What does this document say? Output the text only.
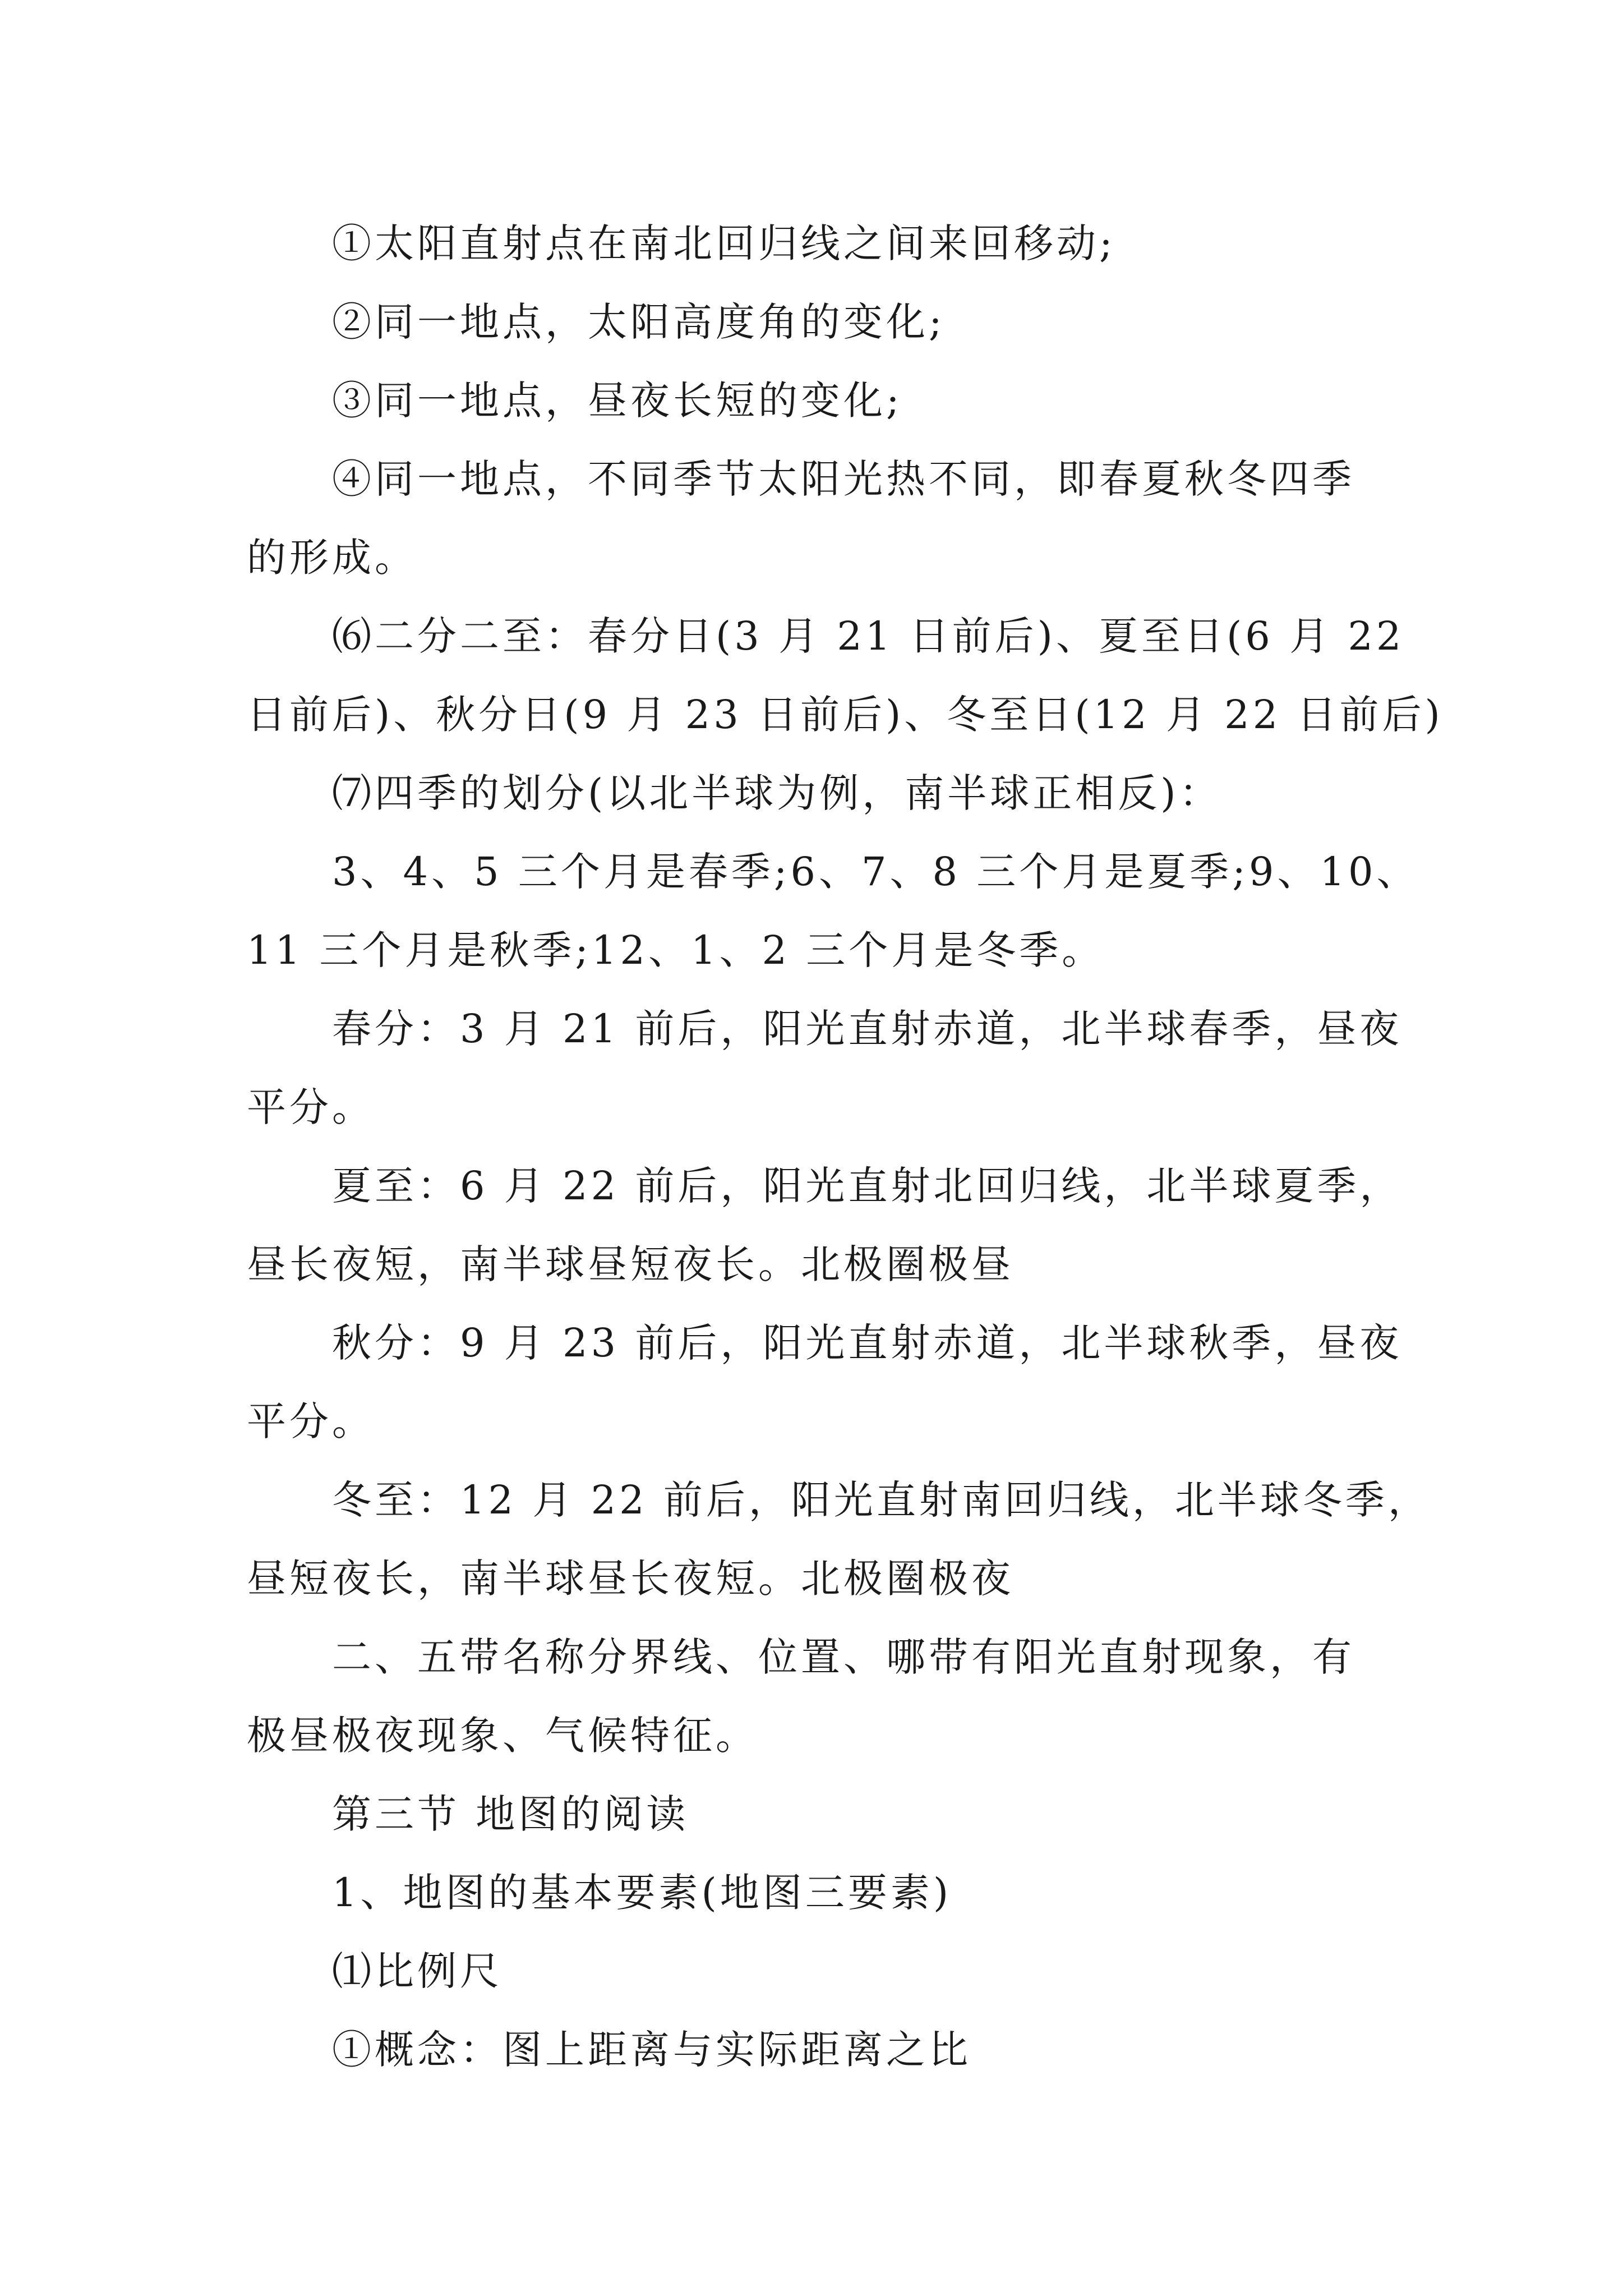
①太阳直射点在南北回归线之间来回移动;
②同一地点，太阳高度角的变化;
③同一地点，昼夜长短的变化;
④同一地点，不同季节太阳光热不同，即春夏秋冬四季
的形成。
⑹二分二至：春分日(3 月 21 日前后)、夏至日(6 月 22
日前后)、秋分日(9 月 23 日前后)、冬至日(12 月 22 日前后)
⑺四季的划分(以北半球为例，南半球正相反)：
3、4、5 三个月是春季;6、7、8 三个月是夏季;9、10、
11 三个月是秋季;12、1、2 三个月是冬季。
春分：3 月 21 前后，阳光直射赤道，北半球春季，昼夜
平分。
夏至：6 月 22 前后，阳光直射北回归线，北半球夏季，
昼长夜短，南半球昼短夜长。北极圈极昼
秋分：9 月 23 前后，阳光直射赤道，北半球秋季，昼夜
平分。
冬至：12 月 22 前后，阳光直射南回归线，北半球冬季，
昼短夜长，南半球昼长夜短。北极圈极夜
二、五带名称分界线、位置、哪带有阳光直射现象，有
极昼极夜现象、气候特征。
第三节 地图的阅读
1、地图的基本要素(地图三要素)
⑴比例尺
①概念：图上距离与实际距离之比
